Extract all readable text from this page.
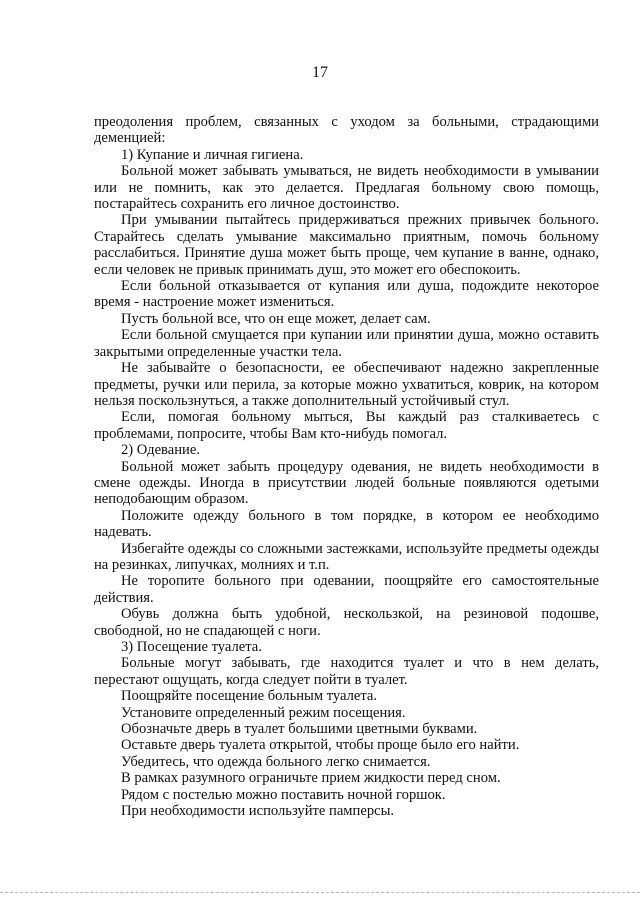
17

преодоления проблем, связанных с уходом за больными, страдающими деменцией:

1) Купание и личная гигиена.

Больной может забывать умываться, не видеть необходимости в умывании или не помнить, как это делается. Предлагая больному свою помощь, постарайтесь сохранить его личное достоинство.

При умывании пытайтесь придерживаться прежних привычек больного. Старайтесь сделать умывание максимально приятным, помочь больному расслабиться. Принятие душа может быть проще, чем купание в ванне, однако, если человек не привык принимать душ, это может его обеспокоить.

Если больной отказывается от купания или душа, подождите некоторое время - настроение может измениться.

Пусть больной все, что он еще может, делает сам.

Если больной смущается при купании или принятии душа, можно оставить закрытыми определенные участки тела.

Не забывайте о безопасности, ее обеспечивают надежно закрепленные предметы, ручки или перила, за которые можно ухватиться, коврик, на котором нельзя поскользнуться, а также дополнительный устойчивый стул.

Если, помогая больному мыться, Вы каждый раз сталкиваетесь с проблемами, попросите, чтобы Вам кто-нибудь помогал.

2) Одевание.

Больной может забыть процедуру одевания, не видеть необходимости в смене одежды. Иногда в присутствии людей больные появляются одетыми неподобающим образом.

Положите одежду больного в том порядке, в котором ее необходимо надевать.

Избегайте одежды со сложными застежками, используйте предметы одежды на резинках, липучках, молниях и т.п.

Не торопите больного при одевании, поощряйте его самостоятельные действия.

Обувь должна быть удобной, нескользкой, на резиновой подошве, свободной, но не спадающей с ноги.

3) Посещение туалета.

Больные могут забывать, где находится туалет и что в нем делать, перестают ощущать, когда следует пойти в туалет.

Поощряйте посещение больным туалета.

Установите определенный режим посещения.

Обозначьте дверь в туалет большими цветными буквами.

Оставьте дверь туалета открытой, чтобы проще было его найти.

Убедитесь, что одежда больного легко снимается.

В рамках разумного ограничьте прием жидкости перед сном.

Рядом с постелью можно поставить ночной горшок.

При необходимости используйте памперсы.
